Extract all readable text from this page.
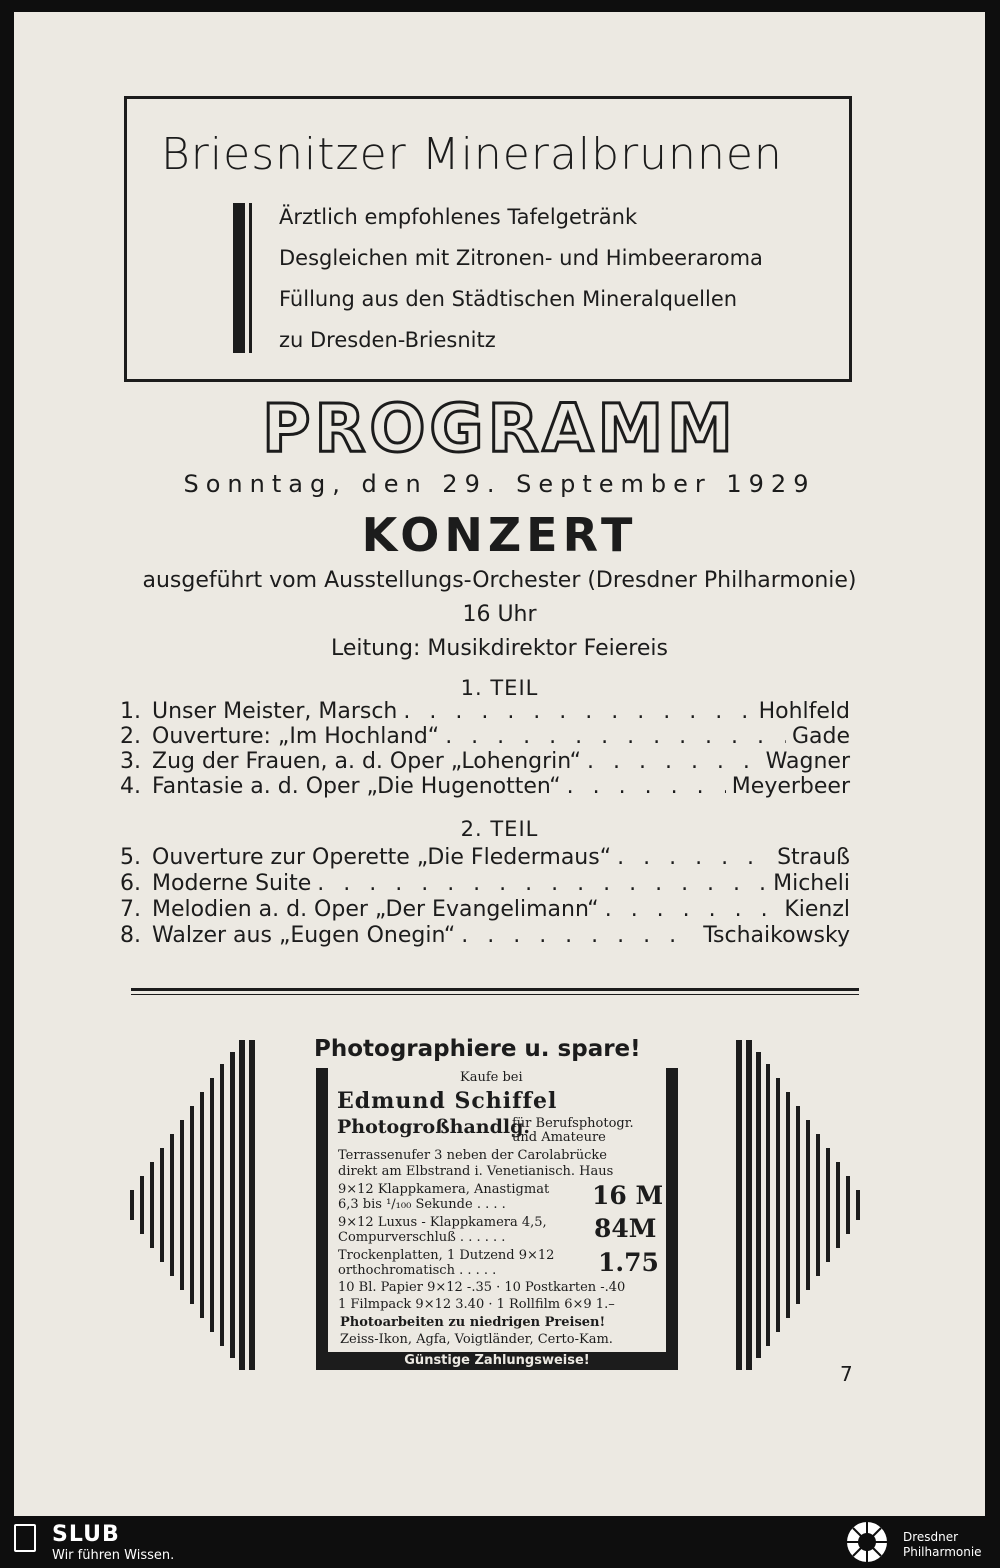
Briesnitzer Mineralbrunnen
Ärztlich empfohlenes Tafelgetränk
Desgleichen mit Zitronen- und Himbeeraroma
Füllung aus den Städtischen Mineralquellen
zu Dresden-Briesnitz
PROGRAMM
Sonntag, den 29. September 1929
KONZERT
ausgeführt vom Ausstellungs-Orchester (Dresdner Philharmonie)
16 Uhr
Leitung: Musikdirektor Feiereis
1. TEIL
1. Unser Meister, Marsch . . .	Hohlfeld
2. Ouverture: „Im Hochland“ . . .	Gade
3. Zug der Frauen, a. d. Oper „Lohengrin“ . . .	Wagner
4. Fantasie a. d. Oper „Die Hugenotten“ . . .	Meyerbeer
2. TEIL
5. Ouverture zur Operette „Die Fledermaus“ . . .	Strauß
6. Moderne Suite . . .	Micheli
7. Melodien a. d. Oper „Der Evangelimann“ . . .	Kienzl
8. Walzer aus „Eugen Onegin“ . . .	Tschaikowsky
Photographiere u. spare!
Günstige Zahlungsweise!
Kaufe bei
Edmund Schiffel
Photogroßhandlg.
für Berufsphotogr.
und Amateure
Terrassenufer 3 neben der Carolabrücke
direkt am Elbstrand i. Venetianisch. Haus
9×12 Klappkamera, Anastigmat
6,3 bis ¹/₁₀₀ Sekunde . . . .	16 M
9×12 Luxus - Klappkamera 4,5,
Compurverschluß . . . . . .	84M
Trockenplatten, 1 Dutzend 9×12
orthochromatisch . . . . .	1.75
10 Bl. Papier 9×12 -.35 · 10 Postkarten -.40
1 Filmpack 9×12 3.40 · 1 Rollfilm 6×9 1.–
Photoarbeiten zu niedrigen Preisen!
Zeiss-Ikon, Agfa, Voigtländer, Certo-Kam.
7
SLUB
Wir führen Wissen.
Dresdner
Philharmonie
